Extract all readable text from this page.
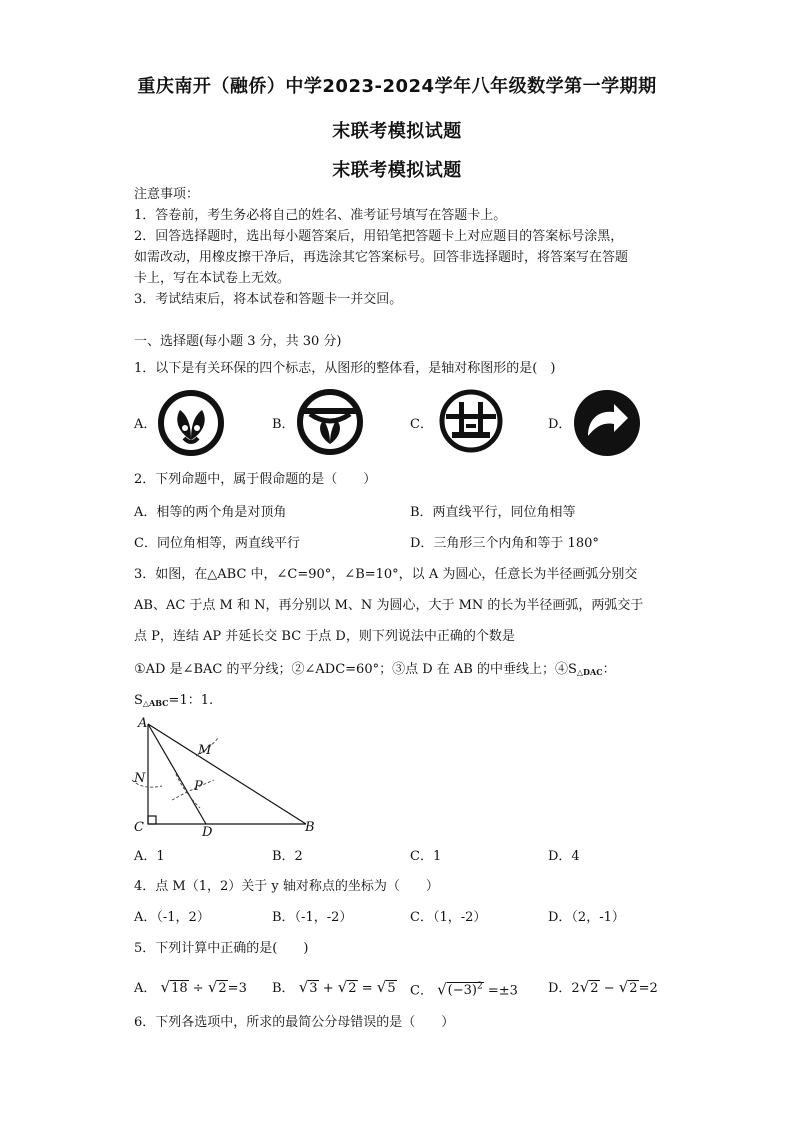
重庆南开（融侨）中学2023-2024学年八年级数学第一学期期
末联考模拟试题
末联考模拟试题
注意事项：
1．答卷前，考生务必将自己的姓名、准考证号填写在答题卡上。
2．回答选择题时，选出每小题答案后，用铅笔把答题卡上对应题目的答案标号涂黑，
如需改动，用橡皮擦干净后，再选涂其它答案标号。回答非选择题时，将答案写在答题
卡上，写在本试卷上无效。
3．考试结束后，将本试卷和答题卡一并交回。
一、选择题(每小题 3 分，共 30 分)
1．以下是有关环保的四个标志，从图形的整体看，是轴对称图形的是(　)
A．	B．	C．	D．
2．下列命题中，属于假命题的是（　　）
A．相等的两个角是对顶角	B．两直线平行，同位角相等
C．同位角相等，两直线平行	D．三角形三个内角和等于 180°
3．如图，在△ABC 中，∠C=90°，∠B=10°，以 A 为圆心，任意长为半径画弧分别交
AB、AC 于点 M 和 N，再分别以 M、N 为圆心，大于 MN 的长为半径画弧，两弧交于
点 P，连结 AP 并延长交 BC 于点 D，则下列说法中正确的个数是
①AD 是∠BAC 的平分线；②∠ADC=60°；③点 D 在 AB 的中垂线上；$④S_{\triangle DAC}$：
$S_{\triangle ABC}=1$：1.
A
M
N
P
C	D	B
A．1	B．2	C．1	D．4
4．点 M（1，2）关于 y 轴对称点的坐标为（　　）
A．（-1，2）	B．（-1，-2）	C．（1，-2）	D．（2，-1）
5．下列计算中正确的是(　　)
A． √18 ÷ √2=3 B． √3 + √2 = √5 C． $√(-3)^2 =\pm 3$ D．2√2 − √2=2
6．下列各选项中，所求的最简公分母错误的是（　　）
